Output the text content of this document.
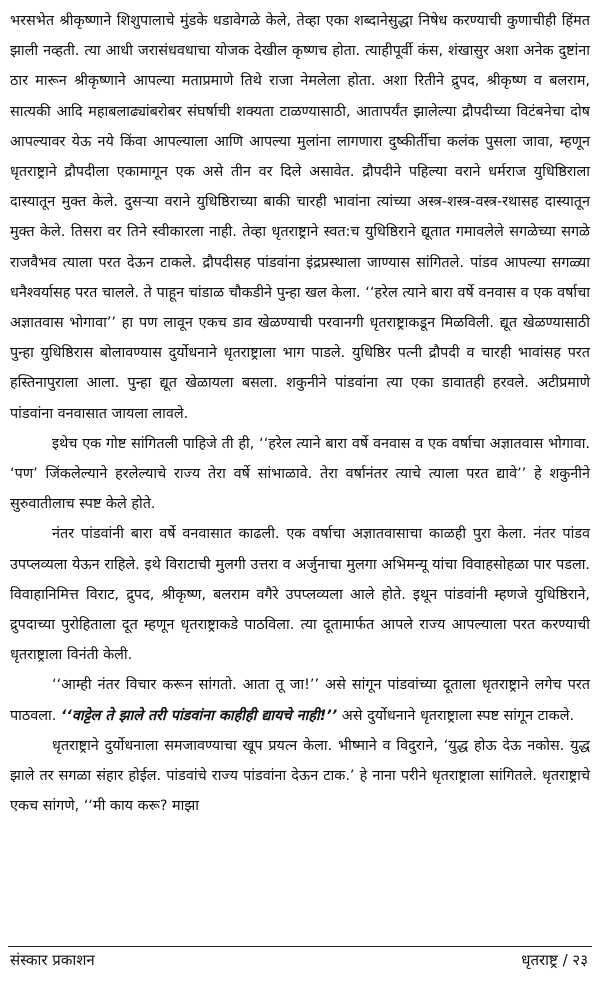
भरसभेत श्रीकृष्णाने शिशुपालाचे मुंडके धडावेगळे केले, तेव्हा एका शब्दानेसुद्धा निषेध करण्याची कुणाचीही हिंमत झाली नव्हती. त्या आधी जरासंधवधाचा योजक देखील कृष्णच होता. त्याहीपूर्वी कंस, शंखासुर अशा अनेक दुष्टांना ठार मारून श्रीकृष्णाने आपल्या मताप्रमाणे तिथे राजा नेमलेला होता. अशा रितीने द्रुपद, श्रीकृष्ण व बलराम, सात्यकी आदि महाबलाढ्यांबरोबर संघर्षाची शक्यता टाळण्यासाठी, आतापर्यंत झालेल्या द्रौपदीच्या विटंबनेचा दोष आपल्यावर येऊ नये किंवा आपल्याला आणि आपल्या मुलांना लागणारा दुष्कीर्तीचा कलंक पुसला जावा, म्हणून धृतराष्ट्राने द्रौपदीला एकामागून एक असे तीन वर दिले असावेत. द्रौपदीने पहिल्या वराने धर्मराज युधिष्ठिराला दास्यातून मुक्त केले. दुसऱ्या वराने युधिष्ठिराच्या बाकी चारही भावांना त्यांच्या अस्त्र-शस्त्र-वस्त्र-रथासह दास्यातून मुक्त केले. तिसरा वर तिने स्वीकारला नाही. तेव्हा धृतराष्ट्राने स्वत:च युधिष्ठिराने द्यूतात गमावलेले सगळेच्या सगळे राजवैभव त्याला परत देऊन टाकले. द्रौपदीसह पांडवांना इंद्रप्रस्थाला जाण्यास सांगितले. पांडव आपल्या सगळ्या धनैश्वर्यासह परत चालले. ते पाहून चांडाळ चौकडीने पुन्हा खल केला. ‘‘हरेल त्याने बारा वर्षे वनवास व एक वर्षाचा अज्ञातवास भोगावा’’ हा पण लावून एकच डाव खेळण्याची परवानगी धृतराष्ट्राकडून मिळविली. द्यूत खेळण्यासाठी पुन्हा युधिष्ठिरास बोलावण्यास दुर्योधनाने धृतराष्ट्राला भाग पाडले. युधिष्ठिर पत्नी द्रौपदी व चारही भावांसह परत हस्तिनापुराला आला. पुन्हा द्यूत खेळायला बसला. शकुनीने पांडवांना त्या एका डावातही हरवले. अटीप्रमाणे पांडवांना वनवासात जायला लावले.

इथेच एक गोष्ट सांगितली पाहिजे ती ही, ‘‘हरेल त्याने बारा वर्षे वनवास व एक वर्षाचा अज्ञातवास भोगावा. ‘पण’ जिंकलेल्याने हरलेल्याचे राज्य तेरा वर्षे सांभाळावे. तेरा वर्षानंतर त्याचे त्याला परत द्यावे’’ हे शकुनीने सुरुवातीलाच स्पष्ट केले होते.

नंतर पांडवांनी बारा वर्षे वनवासात काढली. एक वर्षाचा अज्ञातवासाचा काळही पुरा केला. नंतर पांडव उपप्लव्यला येऊन राहिले. इथे विराटाची मुलगी उत्तरा व अर्जुनाचा मुलगा अभिमन्यू यांचा विवाहसोहळा पार पडला. विवाहानिमित्त विराट, द्रुपद, श्रीकृष्ण, बलराम वगैरे उपप्लव्यला आले होते. इथून पांडवांनी म्हणजे युधिष्ठिराने, द्रुपदाच्या पुरोहिताला दूत म्हणून धृतराष्ट्राकडे पाठविला. त्या दूतामार्फत आपले राज्य आपल्याला परत करण्याची धृतराष्ट्राला विनंती केली.

‘‘आम्ही नंतर विचार करून सांगतो. आता तू जा!’’ असे सांगून पांडवांच्या दूताला धृतराष्ट्राने लगेच परत पाठवला. ‘‘वाट्टेल ते झाले तरी पांडवांना काहीही द्यायचे नाही!’’ असे दुर्योधनाने धृतराष्ट्राला स्पष्ट सांगून टाकले.

धृतराष्ट्राने दुर्योधनाला समजावण्याचा खूप प्रयत्न केला. भीष्माने व विदुराने, ‘युद्ध होऊ देऊ नकोस. युद्ध झाले तर सगळा संहार होईल. पांडवांचे राज्य पांडवांना देऊन टाक.’ हे नाना परीने धृतराष्ट्राला सांगितले. धृतराष्ट्राचे एकच सांगणे, ‘‘मी काय करू? माझा

संस्कार प्रकाशन	धृतराष्ट्र / २३
